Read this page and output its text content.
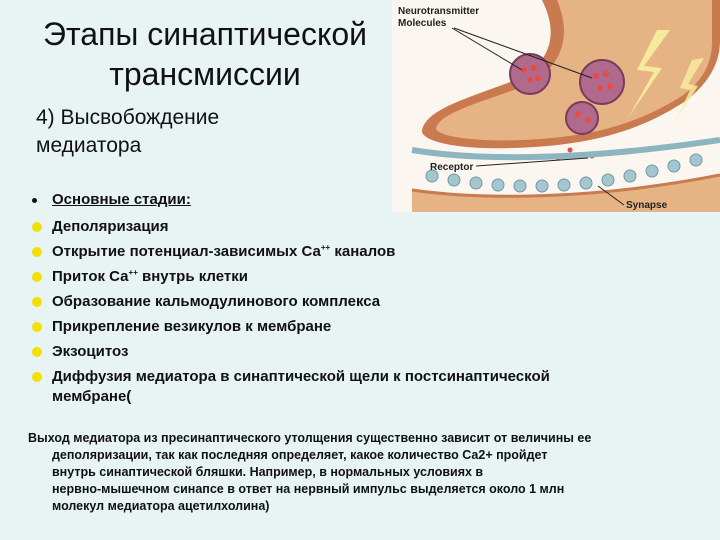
Этапы синаптической
трансмиссии
4) Высвобождение
медиатора
Neurotransmitter
Molecules
Receptor
Synapse
Основные стадии:
Деполяризация
Открытие потенциал-зависимых Са++ каналов
Приток Са++ внутрь клетки
Образование кальмодулинового комплекса
Прикрепление везикулов к мембране
Экзоцитоз
Диффузия медиатора в синаптической щели к постсинаптической
мембране(
Выход медиатора из пресинаптического утолщения существенно зависит от величины ее
деполяризации, так как последняя определяет, какое количество Са2+ пройдет
внутрь синаптической бляшки. Например, в нормальных условиях в
нервно-мышечном синапсе в ответ на нервный импульс выделяется около 1 млн
молекул медиатора ацетилхолина)
